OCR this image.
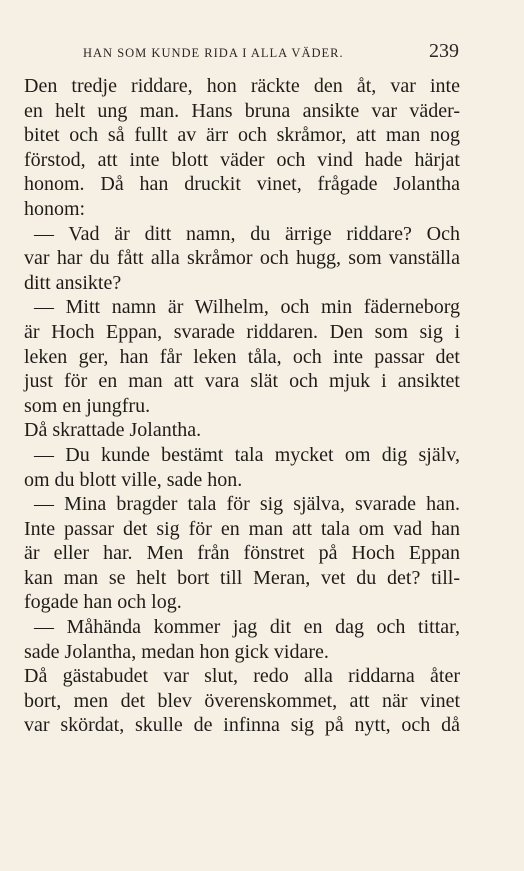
HAN SOM KUNDE RIDA I ALLA VÄDER.	239

Den tredje riddare, hon räckte den åt, var inte
en helt ung man. Hans bruna ansikte var väder-
bitet och så fullt av ärr och skråmor, att man nog
förstod, att inte blott väder och vind hade härjat
honom. Då han druckit vinet, frågade Jolantha
honom:

— Vad är ditt namn, du ärrige riddare? Och
var har du fått alla skråmor och hugg, som vanställa
ditt ansikte?

— Mitt namn är Wilhelm, och min fäderneborg
är Hoch Eppan, svarade riddaren. Den som sig i
leken ger, han får leken tåla, och inte passar det
just för en man att vara slät och mjuk i ansiktet
som en jungfru.

Då skrattade Jolantha.

— Du kunde bestämt tala mycket om dig själv,
om du blott ville, sade hon.

— Mina bragder tala för sig själva, svarade han.
Inte passar det sig för en man att tala om vad han
är eller har. Men från fönstret på Hoch Eppan
kan man se helt bort till Meran, vet du det? till-
fogade han och log.

— Måhända kommer jag dit en dag och tittar,
sade Jolantha, medan hon gick vidare.

Då gästabudet var slut, redo alla riddarna åter
bort, men det blev överenskommet, att när vinet
var skördat, skulle de infinna sig på nytt, och då
